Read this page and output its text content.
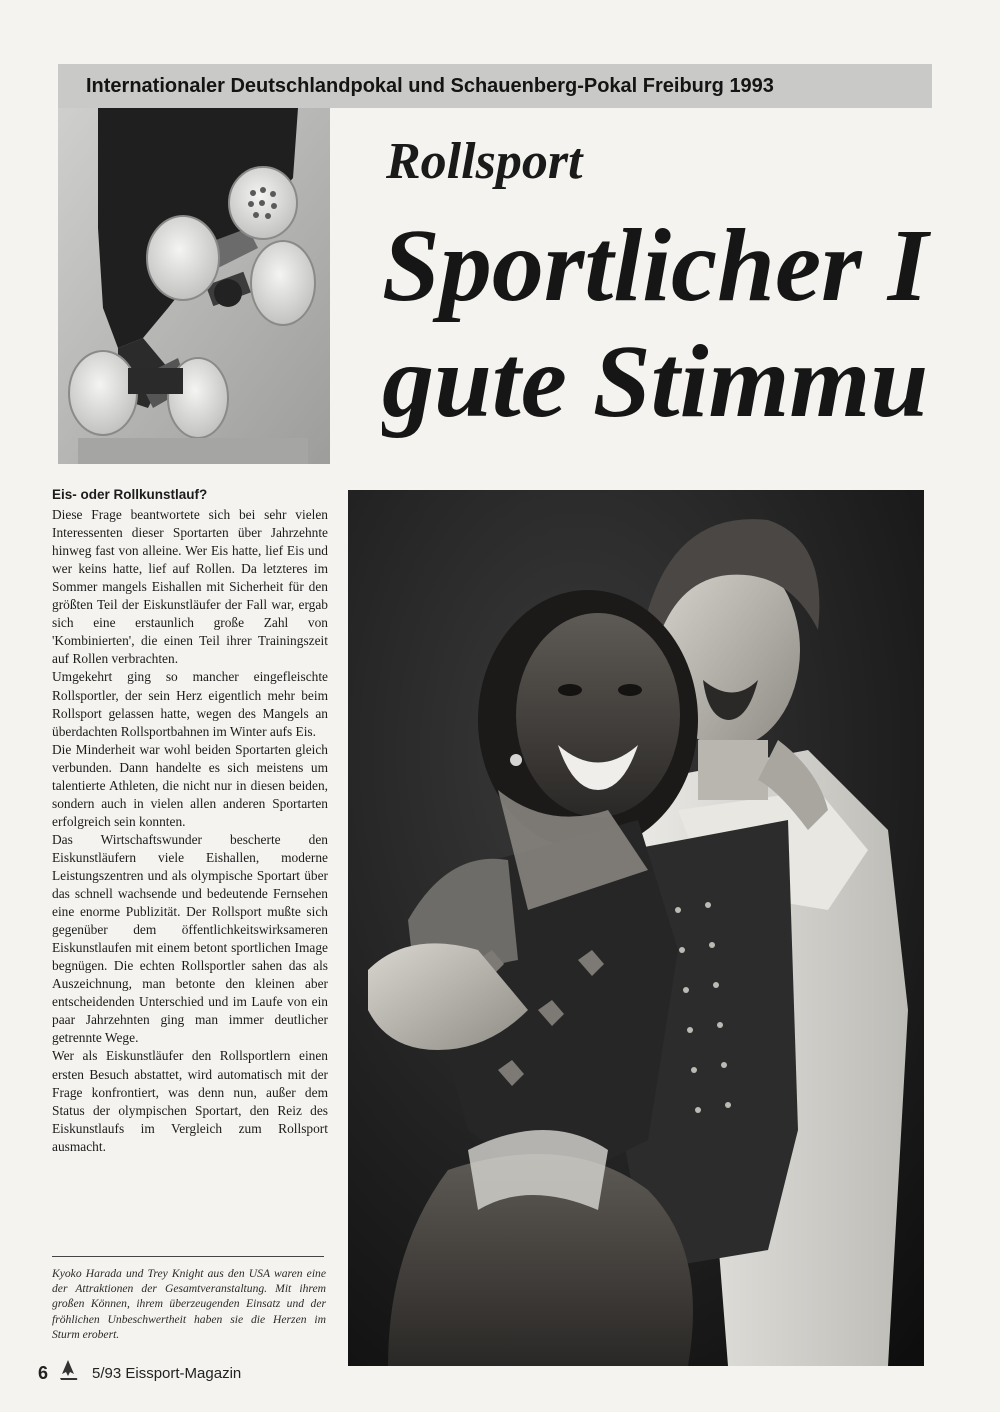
Internationaler Deutschlandpokal und Schauenberg-Pokal Freiburg 1993
Rollsport
Sportlicher I
gute Stimmu
Eis- oder Rollkunstlauf?

Diese Frage beantwortete sich bei sehr vielen Interessenten dieser Sportarten über Jahrzehnte hinweg fast von alleine. Wer Eis hatte, lief Eis und wer keins hatte, lief auf Rollen. Da letzteres im Sommer mangels Eishallen mit Sicherheit für den größten Teil der Eiskunstläufer der Fall war, ergab sich eine erstaunlich große Zahl von 'Kombinierten', die einen Teil ihrer Trainingszeit auf Rollen verbrachten.

Umgekehrt ging so mancher eingefleischte Rollsportler, der sein Herz eigentlich mehr beim Rollsport gelassen hatte, wegen des Mangels an überdachten Rollsportbahnen im Winter aufs Eis.

Die Minderheit war wohl beiden Sportarten gleich verbunden. Dann handelte es sich meistens um talentierte Athleten, die nicht nur in diesen beiden, sondern auch in vielen allen anderen Sportarten erfolgreich sein konnten.

Das Wirtschaftswunder bescherte den Eiskunstläufern viele Eishallen, moderne Leistungszentren und als olympische Sportart über das schnell wachsende und bedeutende Fernsehen eine enorme Publizität. Der Rollsport mußte sich gegenüber dem öffentlichkeitswirksameren Eiskunstlaufen mit einem betont sportlichen Image begnügen. Die echten Rollsportler sahen das als Auszeichnung, man betonte den kleinen aber entscheidenden Unterschied und im Laufe von ein paar Jahrzehnten ging man immer deutlicher getrennte Wege.

Wer als Eiskunstläufer den Rollsportlern einen ersten Besuch abstattet, wird automatisch mit der Frage konfrontiert, was denn nun, außer dem Status der olympischen Sportart, den Reiz des Eiskunstlaufs im Vergleich zum Rollsport ausmacht.

Kyoko Harada und Trey Knight aus den USA waren eine der Attraktionen der Gesamtveranstaltung. Mit ihrem großen Können, ihrem überzeugenden Einsatz und der fröhlichen Unbeschwertheit haben sie die Herzen im Sturm erobert.
6	5/93 Eissport-Magazin
